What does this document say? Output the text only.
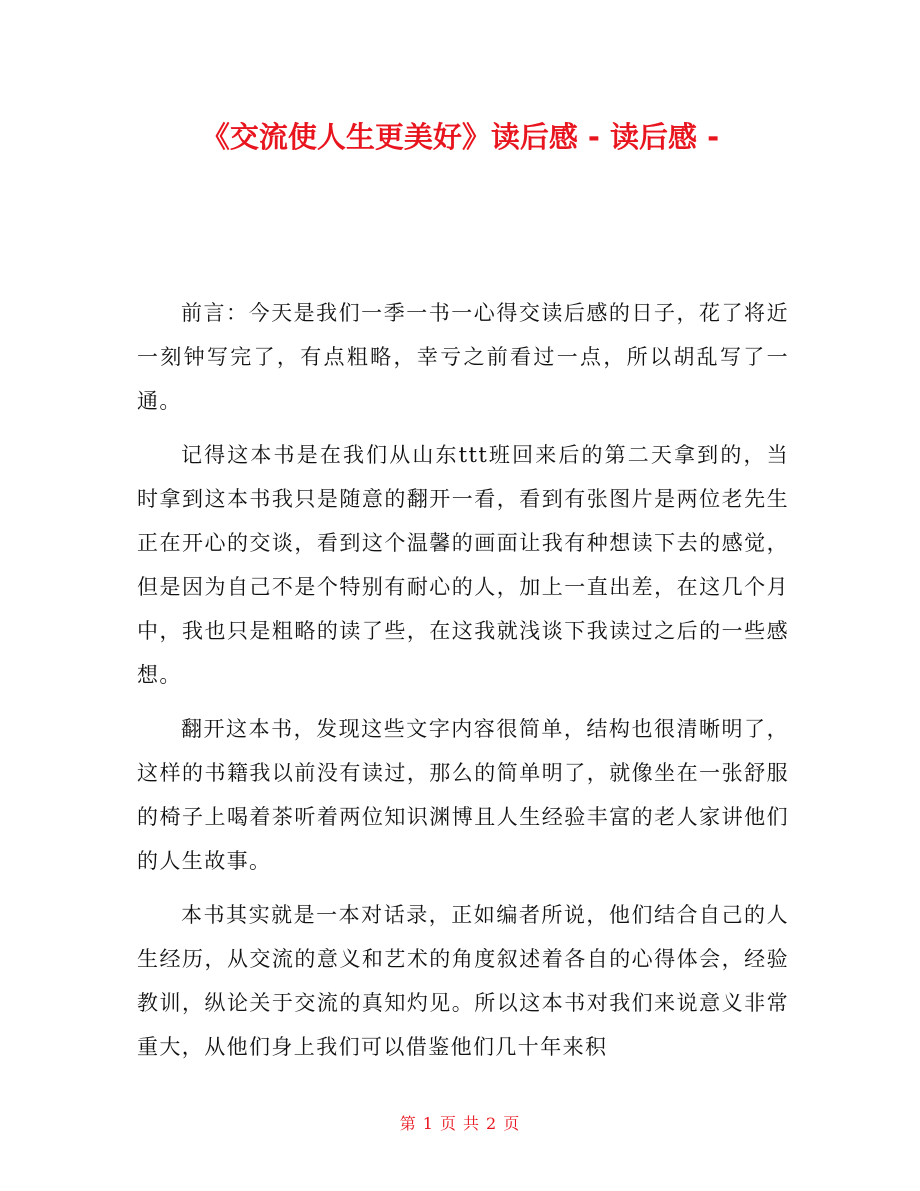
《交流使人生更美好》读后感 - 读后感 -

前言：今天是我们一季一书一心得交读后感的日子，花了将近一刻钟写完了，有点粗略，幸亏之前看过一点，所以胡乱写了一通。

记得这本书是在我们从山东ttt班回来后的第二天拿到的，当时拿到这本书我只是随意的翻开一看，看到有张图片是两位老先生正在开心的交谈，看到这个温馨的画面让我有种想读下去的感觉，但是因为自己不是个特别有耐心的人，加上一直出差，在这几个月中，我也只是粗略的读了些，在这我就浅谈下我读过之后的一些感想。

翻开这本书，发现这些文字内容很简单，结构也很清晰明了，这样的书籍我以前没有读过，那么的简单明了，就像坐在一张舒服的椅子上喝着茶听着两位知识渊博且人生经验丰富的老人家讲他们的人生故事。

本书其实就是一本对话录，正如编者所说，他们结合自己的人生经历，从交流的意义和艺术的角度叙述着各自的心得体会，经验教训，纵论关于交流的真知灼见。所以这本书对我们来说意义非常重大，从他们身上我们可以借鉴他们几十年来积

第 1 页 共 2 页
